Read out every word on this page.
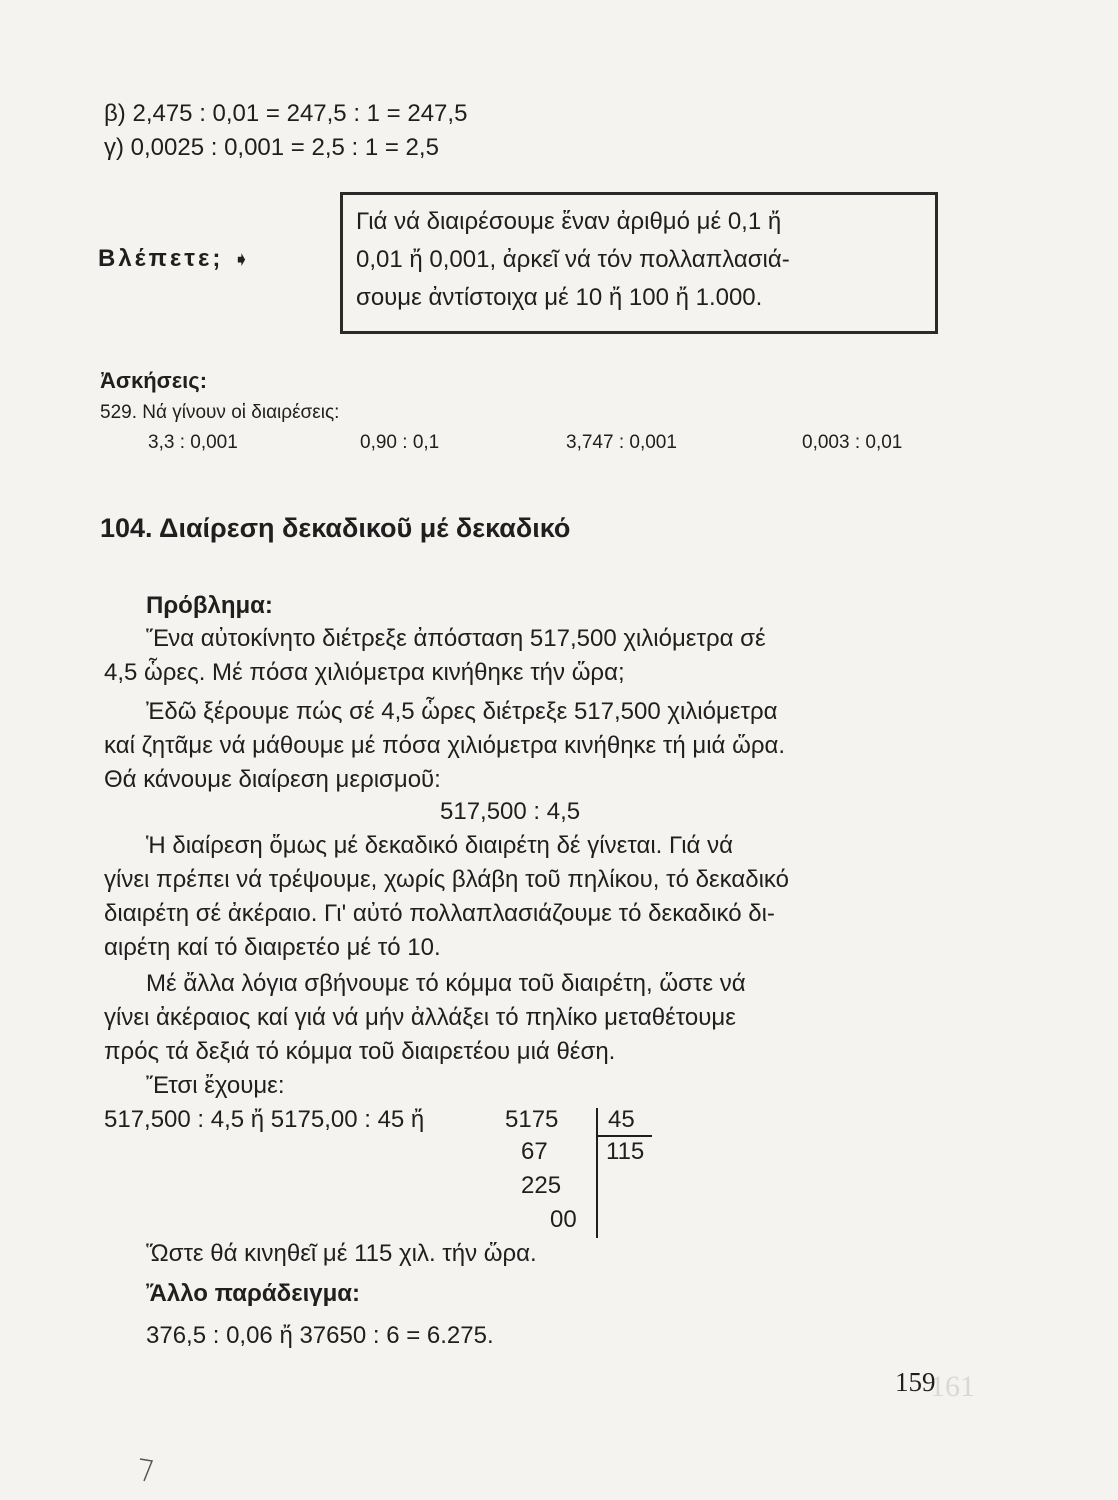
161
β) 2,475 : 0,01 = 247,5 : 1 = 247,5
γ) 0,0025 : 0,001 = 2,5 : 1 = 2,5
Βλέπετε; ➧
Γιά νά διαιρέσουμε ἕναν ἀριθμό μέ 0,1 ἤ
0,01 ἤ 0,001, ἀρκεῖ νά τόν πολλαπλασιά-
σουμε ἀντίστοιχα μέ 10 ἤ 100 ἤ 1.000.
Ἀσκήσεις:
529. Νά γίνουν οἱ διαιρέσεις:
3,3 : 0,001	0,90 : 0,1	3,747 : 0,001	0,003 : 0,01
104. Διαίρεση δεκαδικοῦ μέ δεκαδικό
Πρόβλημα:
Ἕνα αὐτοκίνητο διέτρεξε ἀπόσταση 517,500 χιλιόμετρα σέ
4,5 ὧρες. Μέ πόσα χιλιόμετρα κινήθηκε τήν ὥρα;
Ἐδῶ ξέρουμε πώς σέ 4,5 ὧρες διέτρεξε 517,500 χιλιόμετρα
καί ζητᾶμε νά μάθουμε μέ πόσα χιλιόμετρα κινήθηκε τή μιά ὥρα.
Θά κάνουμε διαίρεση μερισμοῦ:
517,500 : 4,5
Ἡ διαίρεση ὅμως μέ δεκαδικό διαιρέτη δέ γίνεται. Γιά νά
γίνει πρέπει νά τρέψουμε, χωρίς βλάβη τοῦ πηλίκου, τό δεκαδικό
διαιρέτη σέ ἀκέραιο. Γι' αὐτό πολλαπλασιάζουμε τό δεκαδικό δι-
αιρέτη καί τό διαιρετέο μέ τό 10.
Μέ ἄλλα λόγια σβήνουμε τό κόμμα τοῦ διαιρέτη, ὥστε νά
γίνει ἀκέραιος καί γιά νά μήν ἀλλάξει τό πηλίκο μεταθέτουμε
πρός τά δεξιά τό κόμμα τοῦ διαιρετέου μιά θέση.
Ἔτσι ἔχουμε:
517,500 : 4,5 ἤ 5175,00 : 45 ἤ	5175 45
115
67
225
00
Ὥστε θά κινηθεῖ μέ 115 χιλ. τήν ὥρα.
Ἄλλο παράδειγμα:
376,5 : 0,06 ἤ 37650 : 6 = 6.275.
159
